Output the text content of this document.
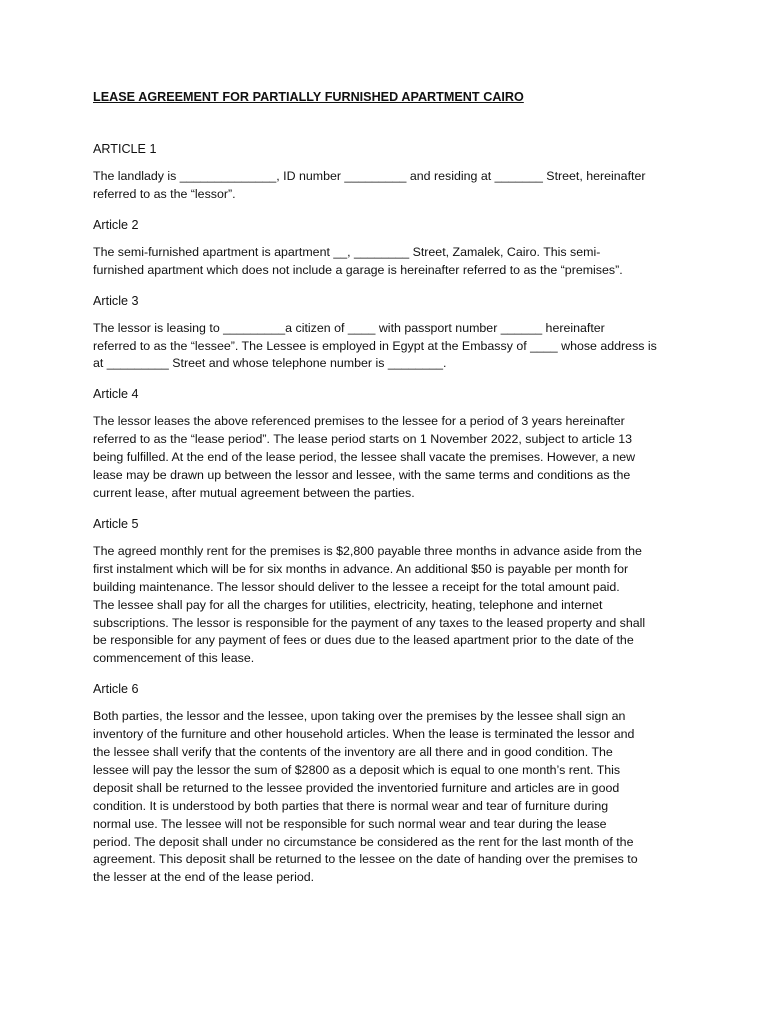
LEASE AGREEMENT FOR PARTIALLY FURNISHED APARTMENT CAIRO
ARTICLE 1
The landlady is ______________, ID number _________ and residing at _______ Street, hereinafter
referred to as the “lessor”.
Article 2
The semi-furnished apartment is apartment __, ________ Street, Zamalek, Cairo. This semi-
furnished apartment which does not include a garage is hereinafter referred to as the “premises”.
Article 3
The lessor is leasing to _________a citizen of ____ with passport number ______ hereinafter
referred to as the “lessee”. The Lessee is employed in Egypt at the Embassy of ____ whose address is
at _________ Street and whose telephone number is ________.
Article 4
The lessor leases the above referenced premises to the lessee for a period of 3 years hereinafter
referred to as the “lease period”. The lease period starts on 1 November 2022, subject to article 13
being fulfilled. At the end of the lease period, the lessee shall vacate the premises. However, a new
lease may be drawn up between the lessor and lessee, with the same terms and conditions as the
current lease, after mutual agreement between the parties.
Article 5
The agreed monthly rent for the premises is $2,800 payable three months in advance aside from the
first instalment which will be for six months in advance. An additional $50 is payable per month for
building maintenance. The lessor should deliver to the lessee a receipt for the total amount paid.
The lessee shall pay for all the charges for utilities, electricity, heating, telephone and internet
subscriptions. The lessor is responsible for the payment of any taxes to the leased property and shall
be responsible for any payment of fees or dues due to the leased apartment prior to the date of the
commencement of this lease.
Article 6
Both parties, the lessor and the lessee, upon taking over the premises by the lessee shall sign an
inventory of the furniture and other household articles. When the lease is terminated the lessor and
the lessee shall verify that the contents of the inventory are all there and in good condition. The
lessee will pay the lessor the sum of $2800 as a deposit which is equal to one month’s rent. This
deposit shall be returned to the lessee provided the inventoried furniture and articles are in good
condition. It is understood by both parties that there is normal wear and tear of furniture during
normal use. The lessee will not be responsible for such normal wear and tear during the lease
period. The deposit shall under no circumstance be considered as the rent for the last month of the
agreement. This deposit shall be returned to the lessee on the date of handing over the premises to
the lesser at the end of the lease period.
